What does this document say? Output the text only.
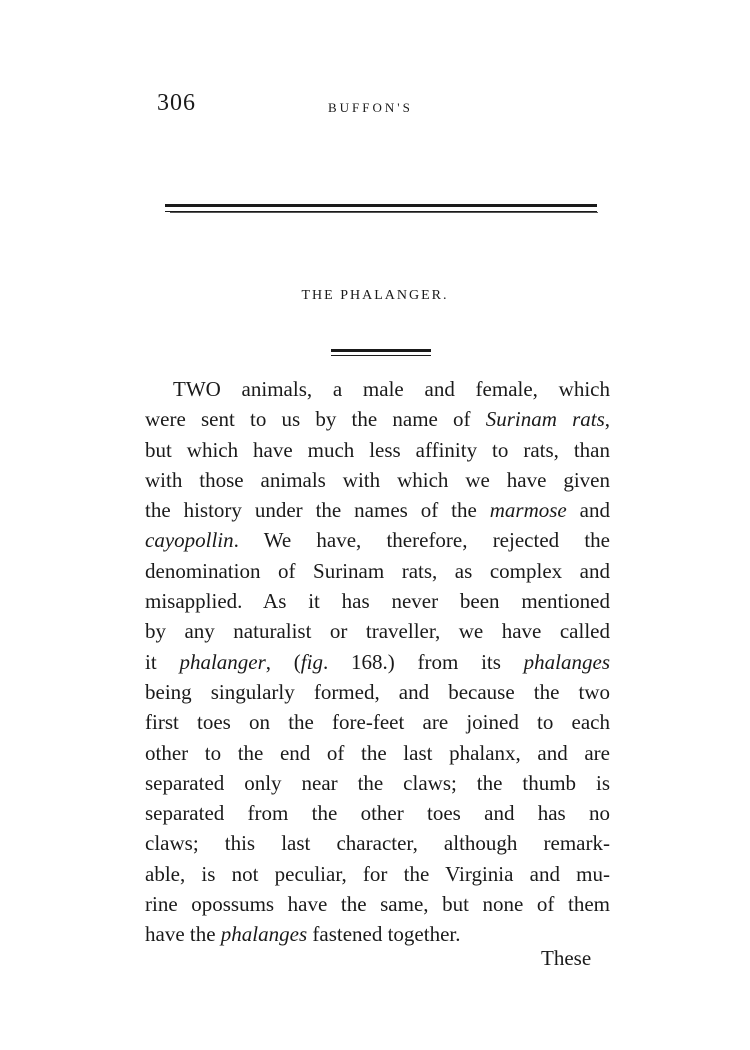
306	BUFFON'S
THE PHALANGER.
TWO animals, a male and female, which
were sent to us by the name of Surinam rats,
but which have much less affinity to rats, than
with those animals with which we have given
the history under the names of the marmose and
cayopollin. We have, therefore, rejected the
denomination of Surinam rats, as complex and
misapplied. As it has never been mentioned
by any naturalist or traveller, we have called
it phalanger, (fig. 168.) from its phalanges
being singularly formed, and because the two
first toes on the fore-feet are joined to each
other to the end of the last phalanx, and are
separated only near the claws; the thumb is
separated from the other toes and has no
claws; this last character, although remark-
able, is not peculiar, for the Virginia and mu-
rine opossums have the same, but none of them
have the phalanges fastened together.
These
